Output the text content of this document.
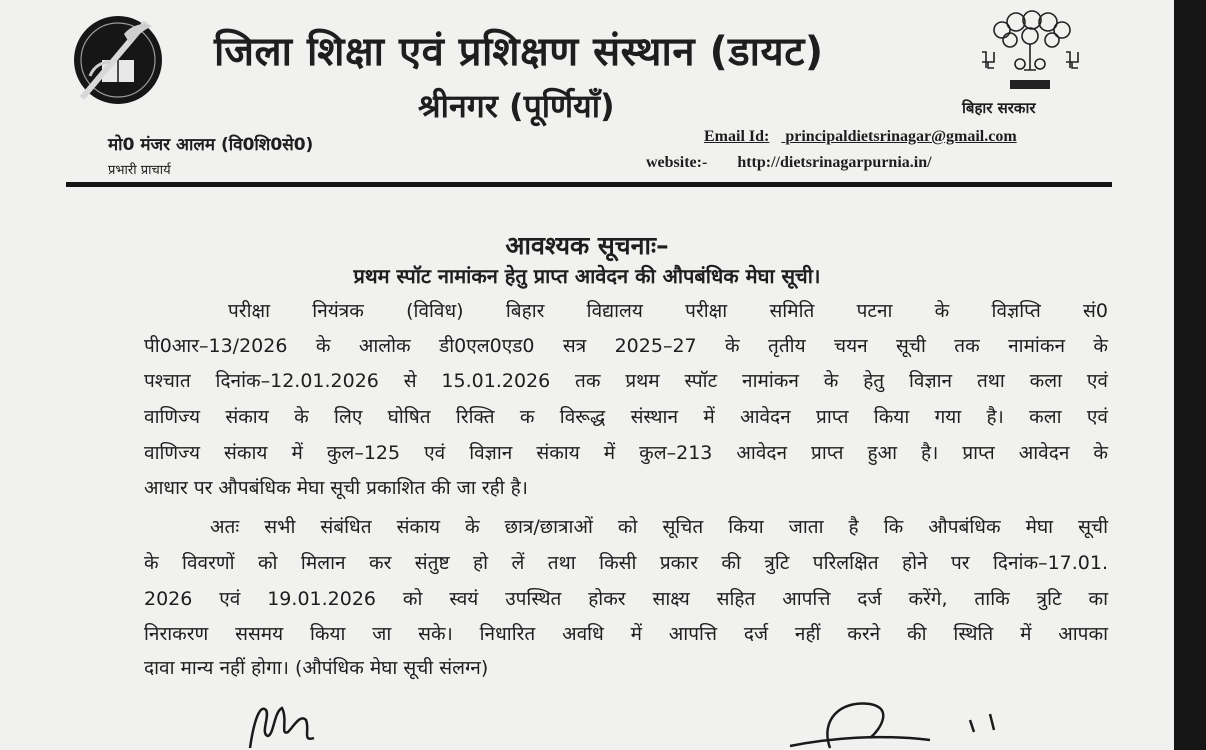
जिला शिक्षा एवं प्रशिक्षण संस्थान (डायट)
श्रीनगर (पूर्णियाँ)	बिहार सरकार
मो0 मंजर आलम (वि0शि0से0)
प्रभारी प्राचार्य
Email Id: principaldietsrinagar@gmail.com
website:- http://dietsrinagarpurnia.in/
आवश्यक सूचनाः–
प्रथम स्पॉट नामांकन हेतु प्राप्त आवेदन की औपबंधिक मेघा सूची।
परीक्षा नियंत्रक (विविध) बिहार विद्यालय परीक्षा समिति पटना के विज्ञप्ति सं0
पी0आर–13/2026 के आलोक डी0एल0एड0 सत्र 2025–27 के तृतीय चयन सूची तक नामांकन के
पश्चात दिनांक–12.01.2026 से 15.01.2026 तक प्रथम स्पॉट नामांकन के हेतु विज्ञान तथा कला एवं
वाणिज्य संकाय के लिए घोषित रिक्ति क विरूद्ध संस्थान में आवेदन प्राप्त किया गया है। कला एवं
वाणिज्य संकाय में कुल–125 एवं विज्ञान संकाय में कुल–213 आवेदन प्राप्त हुआ है। प्राप्त आवेदन के
आधार पर औपबंधिक मेघा सूची प्रकाशित की जा रही है।
अतः सभी संबंधित संकाय के छात्र/छात्राओं को सूचित किया जाता है कि औपबंधिक मेघा सूची
के विवरणों को मिलान कर संतुष्ट हो लें तथा किसी प्रकार की त्रुटि परिलक्षित होने पर दिनांक–17.01.
2026 एवं 19.01.2026 को स्वयं उपस्थित होकर साक्ष्य सहित आपत्ति दर्ज करेंगे, ताकि त्रुटि का
निराकरण ससमय किया जा सके। निधारित अवधि में आपत्ति दर्ज नहीं करने की स्थिति में आपका
दावा मान्य नहीं होगा। (औपंधिक मेघा सूची संलग्न)
